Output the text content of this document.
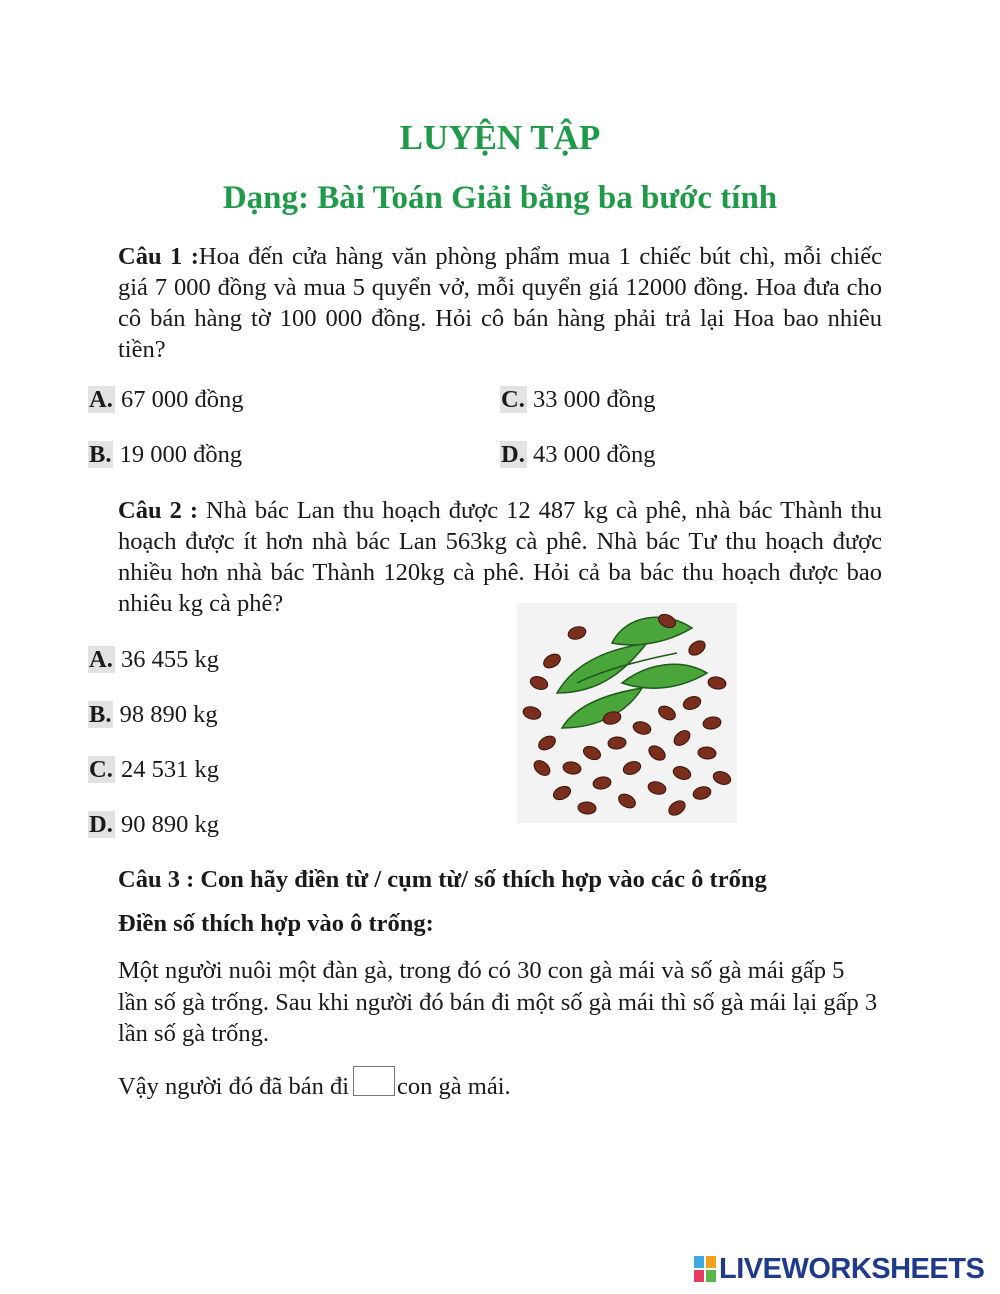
LUYỆN TẬP
Dạng: Bài Toán Giải bằng ba bước tính
Câu 1 :Hoa đến cửa hàng văn phòng phẩm mua 1 chiếc bút chì, mỗi chiếc giá 7 000 đồng và mua 5 quyển vở, mỗi quyển giá 12000 đồng. Hoa đưa cho cô bán hàng tờ 100 000 đồng. Hỏi cô bán hàng phải trả lại Hoa bao nhiêu tiền?
A. 67 000 đồng
B. 19 000 đồng
C. 33 000 đồng
D. 43 000 đồng
Câu 2 : Nhà bác Lan thu hoạch được 12 487 kg cà phê, nhà bác Thành thu hoạch được ít hơn nhà bác Lan 563kg cà phê. Nhà bác Tư thu hoạch được nhiều hơn nhà bác Thành 120kg cà phê. Hỏi cả ba bác thu hoạch được bao nhiêu kg cà phê?
A. 36 455 kg
B. 98 890 kg
C. 24 531 kg
D. 90 890 kg
Câu 3 : Con hãy điền từ / cụm từ/ số thích hợp vào các ô trống
Điền số thích hợp vào ô trống:
Một người nuôi một đàn gà, trong đó có 30 con gà mái và số gà mái gấp 5 lần số gà trống. Sau khi người đó bán đi một số gà mái thì số gà mái lại gấp 3 lần số gà trống.
Vậy người đó đã bán đi con gà mái.
LIVEWORKSHEETS
